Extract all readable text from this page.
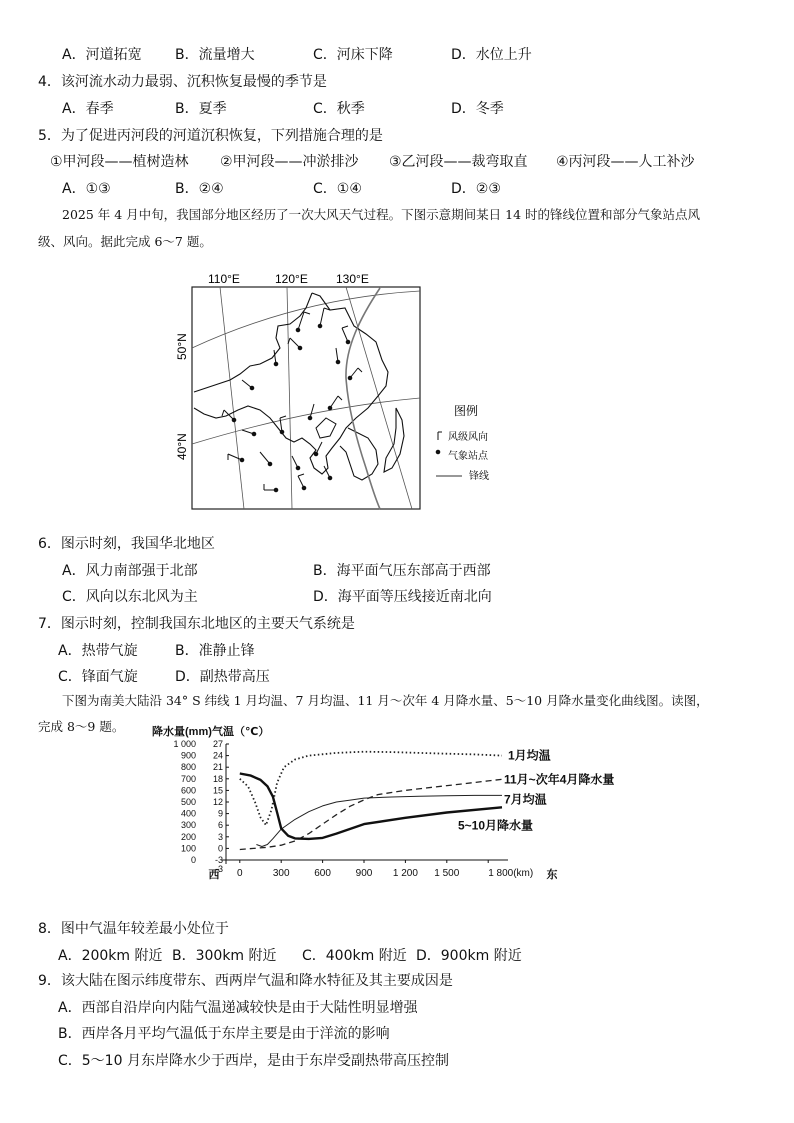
A．河道拓宽 B．流量增大	C．河床下降	D．水位上升
4．该河流水动力最弱、沉积恢复最慢的季节是
A．春季	B．夏季	C．秋季	D．冬季
5．为了促进丙河段的河道沉积恢复，下列措施合理的是
①甲河段——植树造林 ②甲河段——冲淤排沙 ③乙河段——裁弯取直 ④丙河段——人工补沙
A．①③	B．②④	C．①④	D．②③
2025 年 4 月中旬，我国部分地区经历了一次大风天气过程。下图示意期间某日 14 时的锋线位置和部分气象站点风
级、风向。据此完成 6～7 题。
110°E	120°E 130°E
50°N
40°N
图例
风级风向
气象站点
锋线
6．图示时刻，我国华北地区
A．风力南部强于北部	B．海平面气压东部高于西部
C．风向以东北风为主	D．海平面等压线接近南北向
7．图示时刻，控制我国东北地区的主要天气系统是
A．热带气旋	B．准静止锋
C．锋面气旋	D．副热带高压
下图为南美大陆沿 34° S 纬线 1 月均温、7 月均温、11 月～次年 4 月降水量、5～10 月降水量变化曲线图。读图，
完成 8～9 题。	降水量(mm) 气温（℃）
1 000 27
900 24
800 21
700 18
600 15
500 12
400 9
300 6
200 3
100 0
0 -3
-3 0	300 600 900 1 200 1 500	1 800(km)
西	东
1月均温
11月~次年4月降水量
7月均温
5~10月降水量
8．图中气温年较差最小处位于
A．200km 附近 B．300km 附近 C．400km 附近 D．900km 附近
9．该大陆在图示纬度带东、西两岸气温和降水特征及其主要成因是
A．西部自沿岸向内陆气温递减较快是由于大陆性明显增强
B．西岸各月平均气温低于东岸主要是由于洋流的影响
C．5～10 月东岸降水少于西岸，是由于东岸受副热带高压控制
